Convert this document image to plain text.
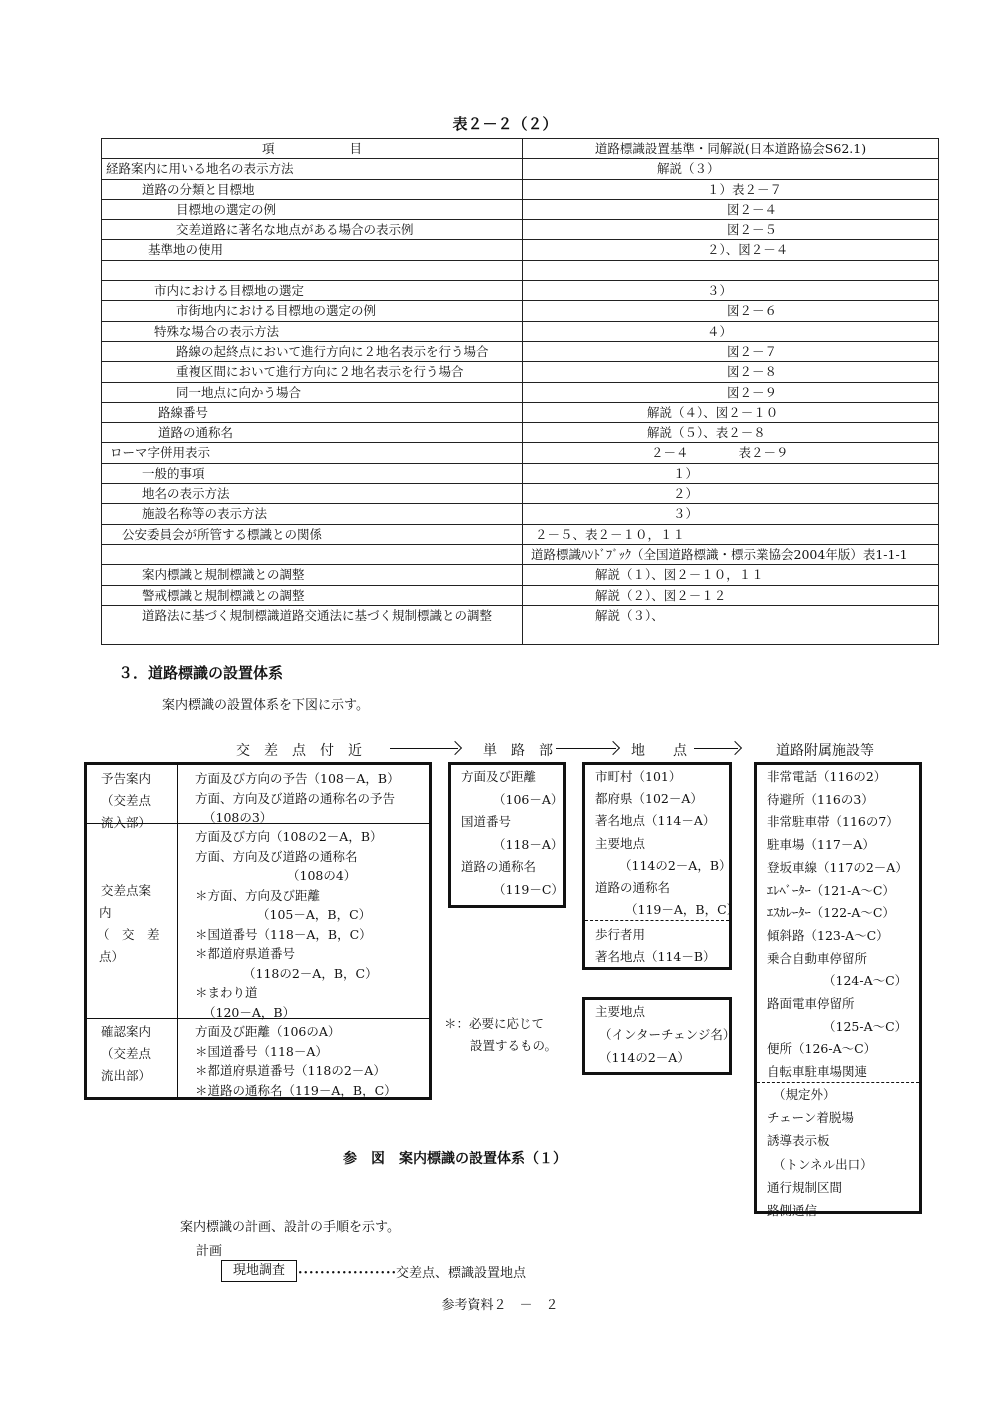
表２－２（２）
項　　　　　　目	道路標識設置基準・同解説(日本道路協会S62.1)
経路案内に用いる地名の表示方法	解説（３）
道路の分類と目標地	１）表２－７
目標地の選定の例	図２－４
交差道路に著名な地点がある場合の表示例	図２－５
基準地の使用	２）、図２－４

市内における目標地の選定	３）
市街地内における目標地の選定の例	図２－６
特殊な場合の表示方法	４）
路線の起終点において進行方向に２地名表示を行う場合	図２－７
重複区間において進行方向に２地名表示を行う場合	図２－８
同一地点に向かう場合	図２－９
路線番号	解説（４）、図２－１０
道路の通称名	解説（５）、表２－８
ローマ字併用表示	２－４　　　　表２－９
一般的事項	１）
地名の表示方法	２）
施設名称等の表示方法	３）
公安委員会が所管する標識との関係	２－５、表２－１０，１１
	道路標識ﾊﾝﾄﾞﾌﾞｯｸ（全国道路標識・標示業協会2004年版）表1-1-1
案内標識と規制標識との調整	解説（１）、図２－１０，１１
警戒標識と規制標識との調整	解説（２）、図２－１２
道路法に基づく規制標識道路交通法に基づく規制標識との調整	解説（３）、
３．道路標識の設置体系
案内標識の設置体系を下図に示す。
交　差　点　付　近	単　路　部	地　　点	道路附属施設等
予告案内
（交差点
流入部）
方面及び方向の予告（108－A，B）
方面、方向及び道路の通称名の予告
（108の3）
交差点案
内
（　交　差
点）
方面及び方向（108の2－A，B）
方面、方向及び道路の通称名
（108の4）
＊方面、方向及び距離
（105－A，B，C）
＊国道番号（118－A，B，C）
＊都道府県道番号
（118の2－A，B，C）
＊まわり道
（120－A，B）
確認案内
（交差点
流出部）
方面及び距離（106のA）
＊国道番号（118－A）
＊都道府県道番号（118の2－A）
＊道路の通称名（119－A，B，C）
方面及び距離
（106－A）
国道番号
（118－A）
道路の通称名
（119－C）
市町村（101）
都府県（102－A）
著名地点（114－A）
主要地点
（114の2－A，B）
道路の通称名
（119－A，B，C）
歩行者用
著名地点（114－B）
主要地点
（インターチェンジ名）
（114の2－A）
＊：必要に応じて
設置するもの。
非常電話（116の2）
待避所（116の3）
非常駐車帯（116の7）
駐車場（117－A）
登坂車線（117の2－A）
ｴﾚﾍﾞｰﾀｰ（121-A～C）
ｴｽｶﾚｰﾀｰ（122-A～C）
傾斜路（123-A～C）
乗合自動車停留所
（124-A～C）
路面電車停留所
（125-A～C）
便所（126-A～C）
自転車駐車場関連
（規定外）
チェーン着脱場
誘導表示板
（トンネル出口）
通行規制区間
路側通信
参　図　案内標識の設置体系（１）
案内標識の計画、設計の手順を示す。
計画
現地調査 ･･････････････････交差点、標識設置地点
参考資料２　－　２
